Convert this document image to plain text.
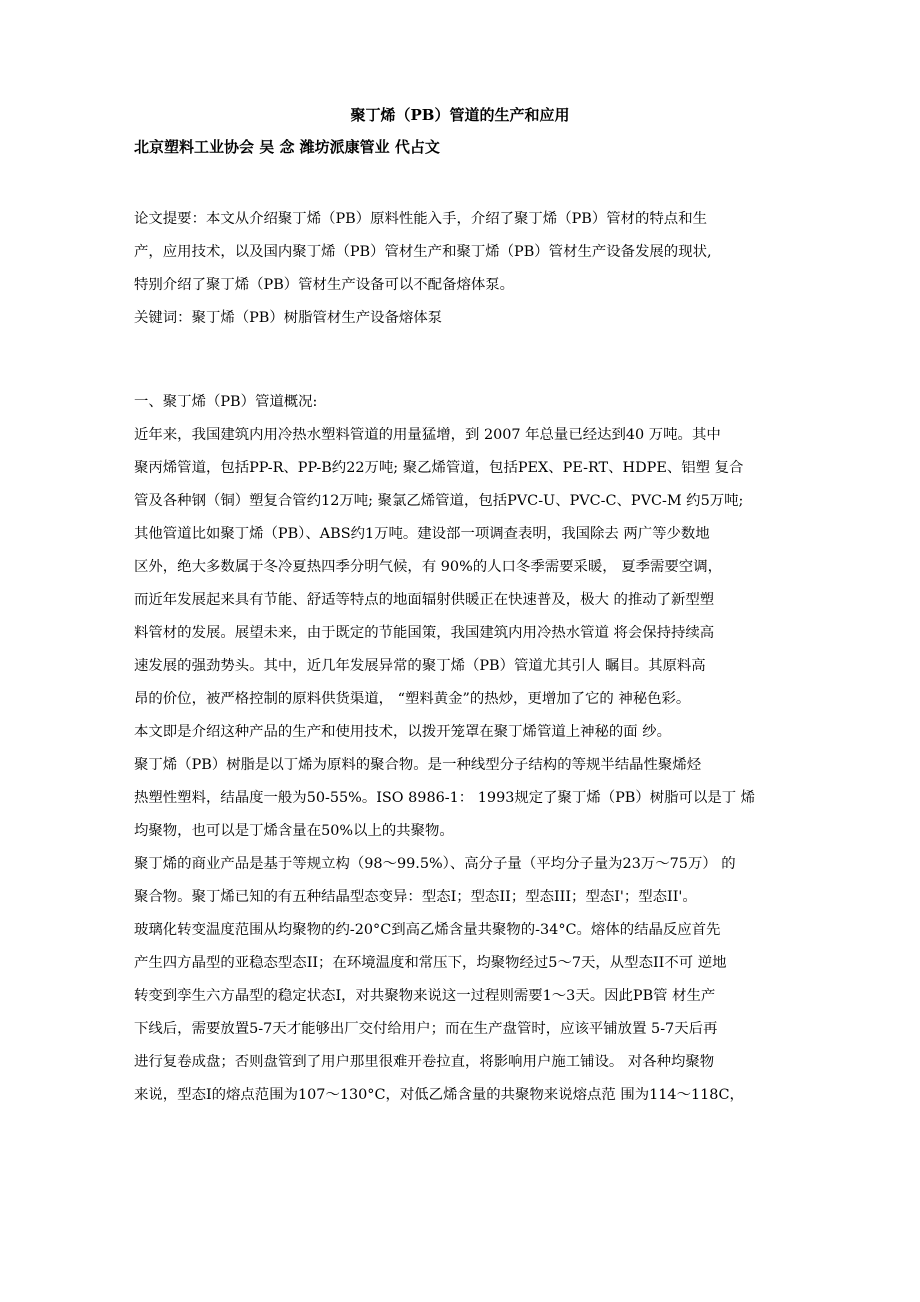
聚丁烯（PB）管道的生产和应用
北京塑料工业协会 吴 念 潍坊派康管业 代占文
论文提要：本文从介绍聚丁烯（PB）原料性能入手，介绍了聚丁烯（PB）管材的特点和生
产，应用技术，以及国内聚丁烯（PB）管材生产和聚丁烯（PB）管材生产设备发展的现状,
特别介绍了聚丁烯（PB）管材生产设备可以不配备熔体泵。
关键词：聚丁烯（PB）树脂管材生产设备熔体泵
一、聚丁烯（PB）管道概况:
近年来，我国建筑内用冷热水塑料管道的用量猛增，到 2007 年总量已经达到40 万吨。其中
聚丙烯管道，包括PP-R、PP-B约22万吨; 聚乙烯管道，包括PEX、PE-RT、HDPE、铝塑 复合
管及各种钢（铜）塑复合管约12万吨; 聚氯乙烯管道，包括PVC-U、PVC-C、PVC-M 约5万吨;
其他管道比如聚丁烯（PB）、ABS约1万吨。建设部一项调查表明，我国除去 两广等少数地
区外，绝大多数属于冬冷夏热四季分明气候，有 90%的人口冬季需要采暖， 夏季需要空调，
而近年发展起来具有节能、舒适等特点的地面辐射供暖正在快速普及，极大 的推动了新型塑
料管材的发展。展望未来，由于既定的节能国策，我国建筑内用冷热水管道 将会保持持续高
速发展的强劲势头。其中，近几年发展异常的聚丁烯（PB）管道尤其引人 瞩目。其原料高
昂的价位，被严格控制的原料供货渠道， “塑料黄金”的热炒，更增加了它的 神秘色彩。
本文即是介绍这种产品的生产和使用技术，以拨开笼罩在聚丁烯管道上神秘的面 纱。
聚丁烯（PB）树脂是以丁烯为原料的聚合物。是一种线型分子结构的等规半结晶性聚烯烃
热塑性塑料，结晶度一般为50-55%。ISO 8986-1： 1993规定了聚丁烯（PB）树脂可以是丁 烯
均聚物，也可以是丁烯含量在50%以上的共聚物。
聚丁烯的商业产品是基于等规立构（98～99.5%）、高分子量（平均分子量为23万～75万） 的
聚合物。聚丁烯已知的有五种结晶型态变异：型态I；型态II；型态III；型态I'；型态II'。
玻璃化转变温度范围从均聚物的约-20°C到高乙烯含量共聚物的-34°C。熔体的结晶反应首先
产生四方晶型的亚稳态型态II；在环境温度和常压下，均聚物经过5～7天，从型态II不可 逆地
转变到孪生六方晶型的稳定状态I，对共聚物来说这一过程则需要1～3天。因此PB管 材生产
下线后，需要放置5-7天才能够出厂交付给用户；而在生产盘管时，应该平铺放置 5-7天后再
进行复卷成盘；否则盘管到了用户那里很难开卷拉直，将影响用户施工铺设。 对各种均聚物
来说，型态I的熔点范围为107～130°C，对低乙烯含量的共聚物来说熔点范 围为114～118C，
